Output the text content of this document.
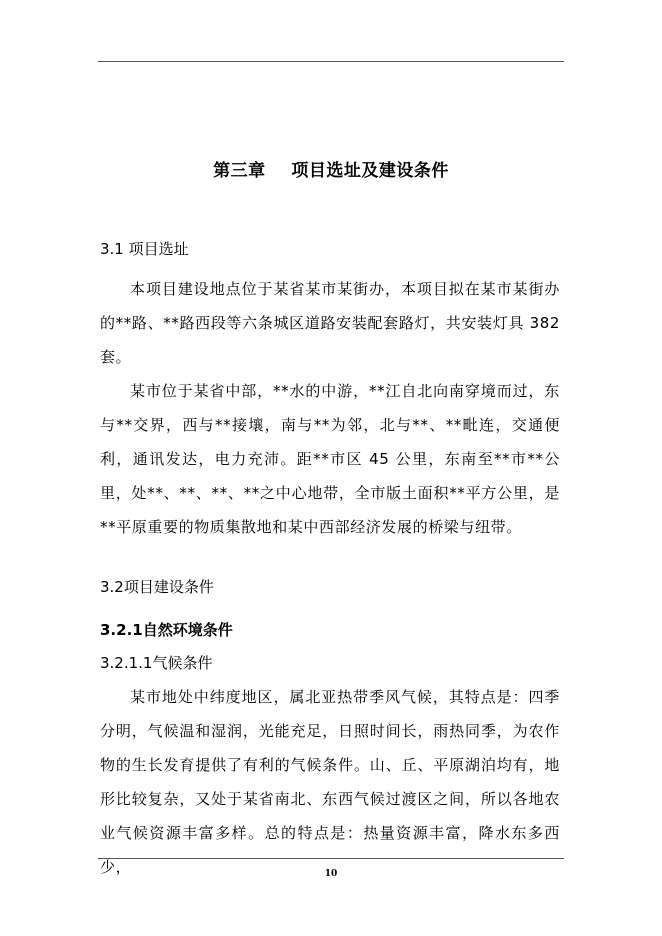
第三章    项目选址及建设条件
3.1 项目选址
本项目建设地点位于某省某市某街办，本项目拟在某市某街办的**路、**路西段等六条城区道路安装配套路灯，共安装灯具 382 套。
某市位于某省中部，**水的中游，**江自北向南穿境而过，东与**交界，西与**接壤，南与**为邻，北与**、**毗连，交通便利，通讯发达，电力充沛。距**市区 45 公里，东南至**市**公里，处**、**、**、**之中心地带，全市版土面积**平方公里，是**平原重要的物质集散地和某中西部经济发展的桥梁与纽带。
3.2项目建设条件
3.2.1自然环境条件
3.2.1.1气候条件
某市地处中纬度地区，属北亚热带季风气候，其特点是：四季分明，气候温和湿润，光能充足，日照时间长，雨热同季，为农作物的生长发育提供了有利的气候条件。山、丘、平原湖泊均有，地形比较复杂，又处于某省南北、东西气候过渡区之间，所以各地农业气候资源丰富多样。总的特点是：热量资源丰富，降水东多西少，	10
